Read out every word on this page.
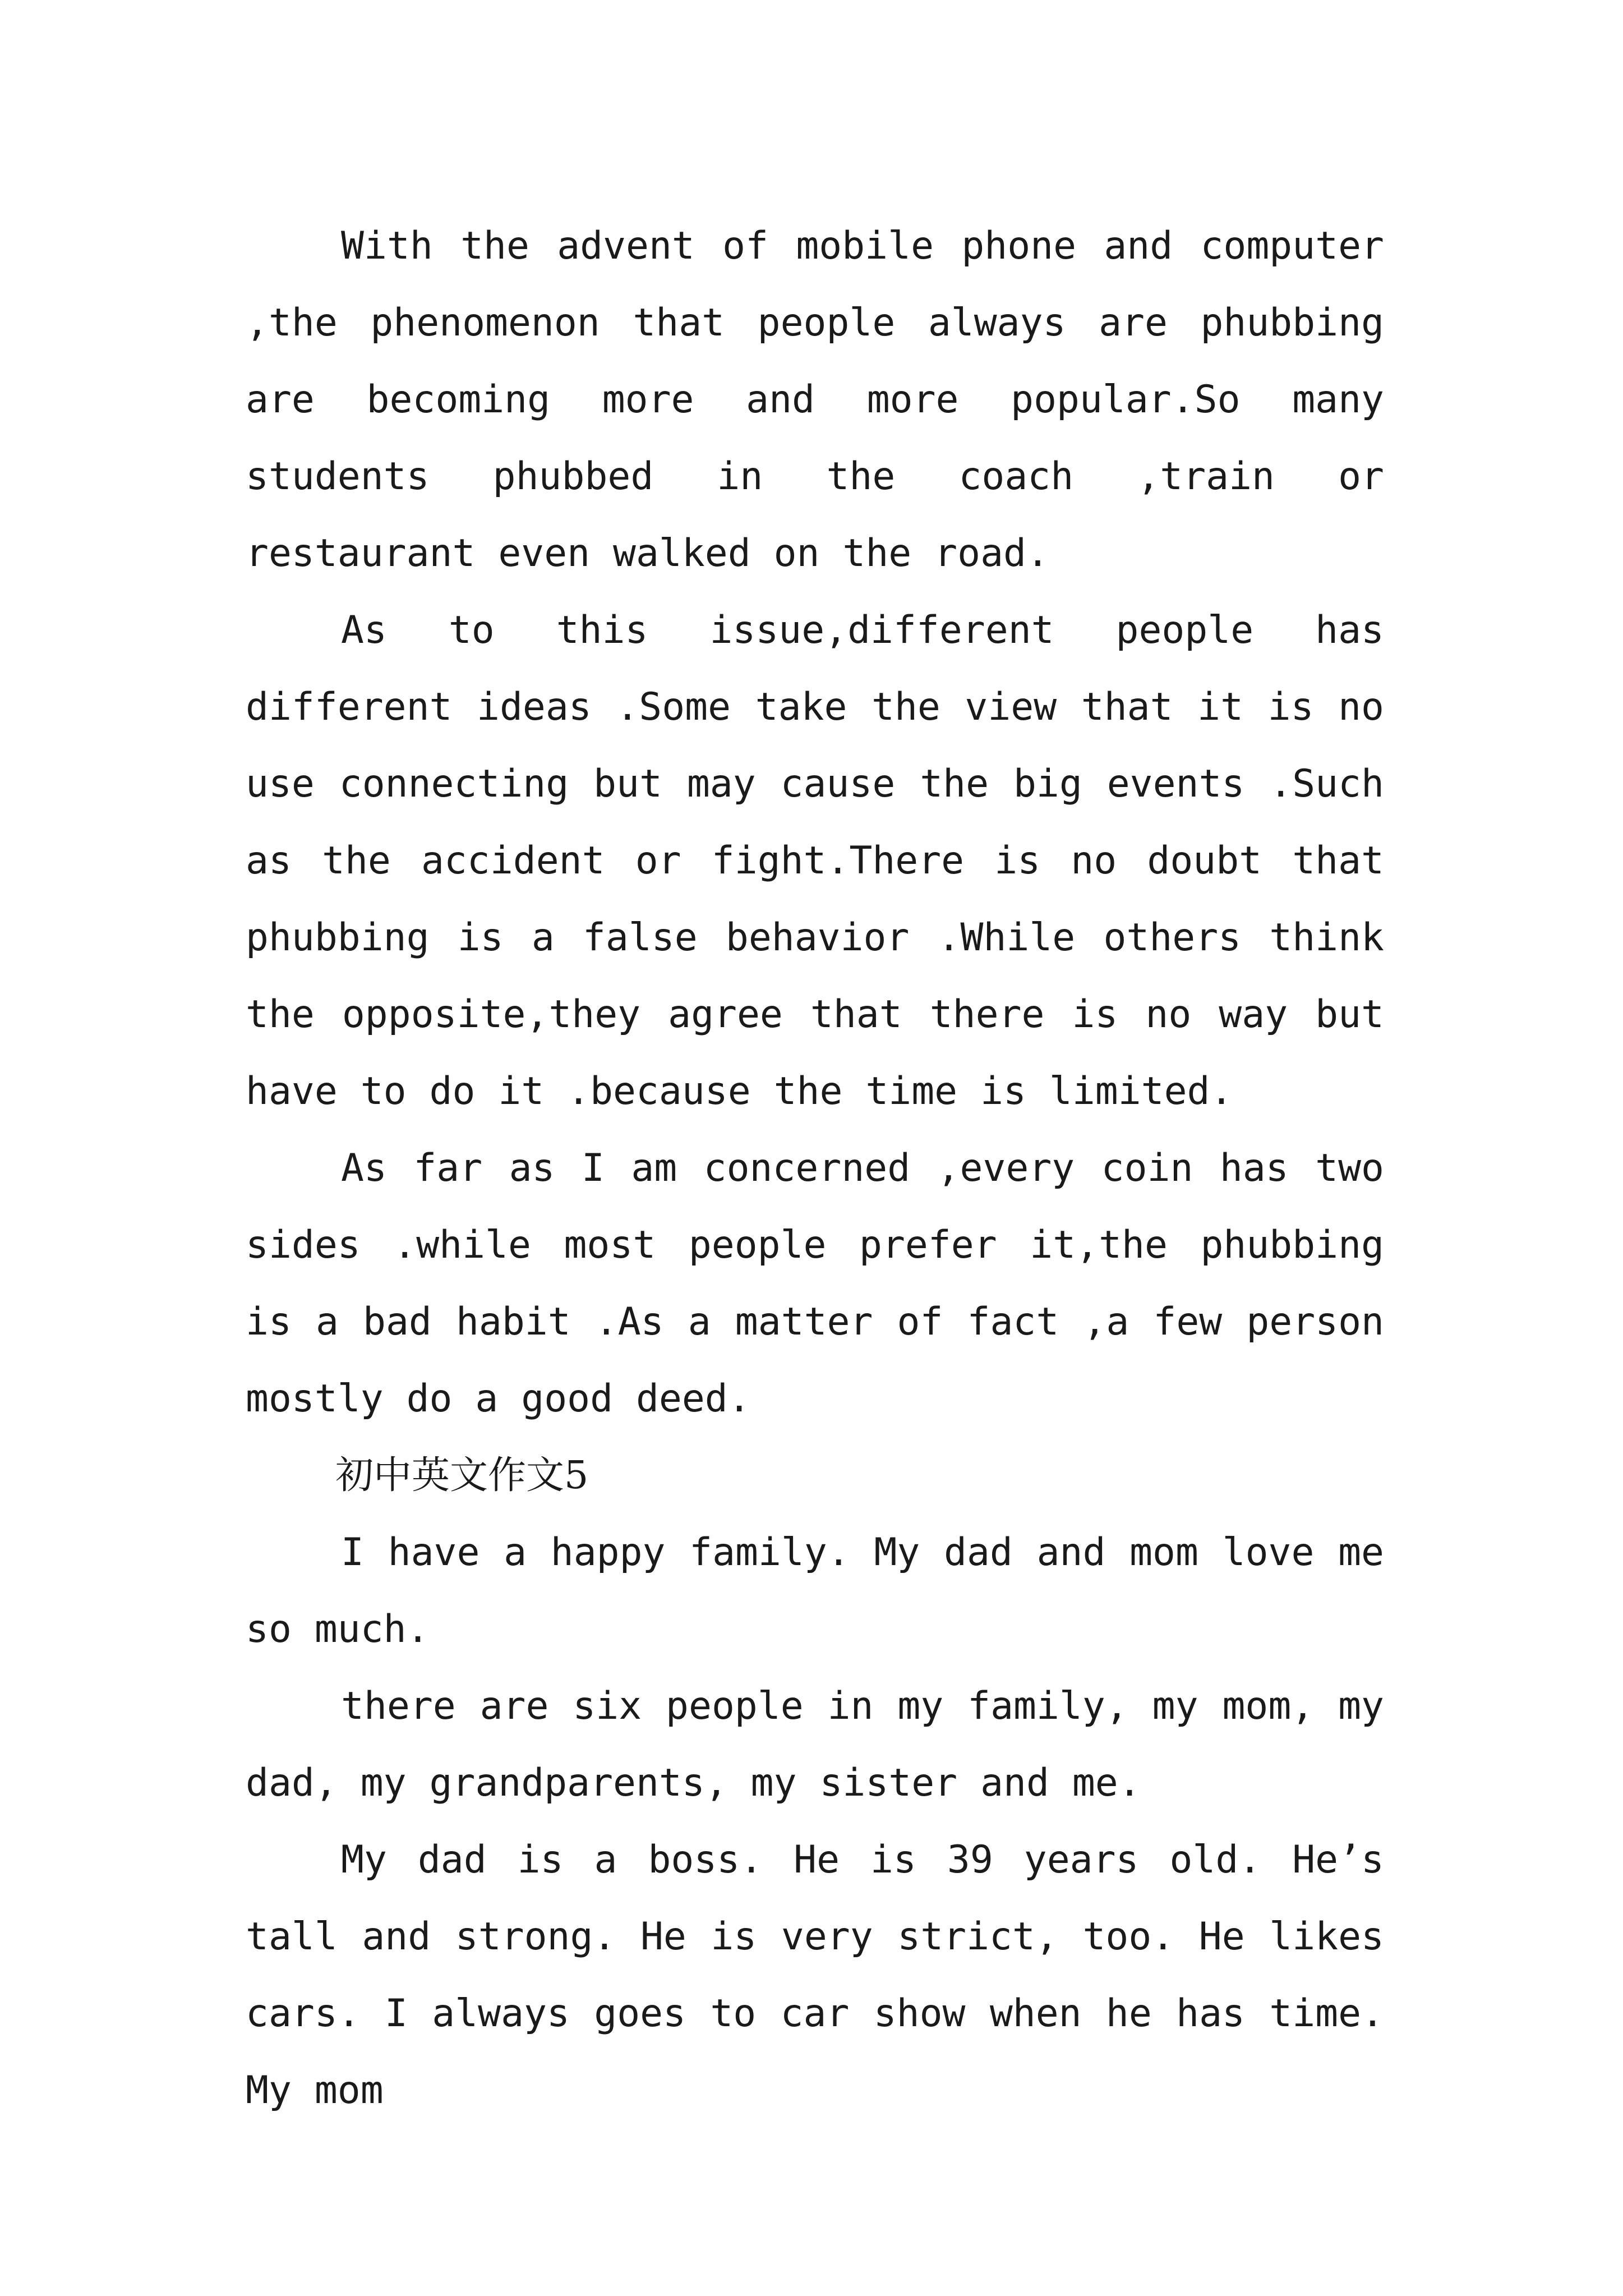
With the advent of mobile phone and computer ,the phenomenon that people always are phubbing are becoming more and more popular.So many students phubbed in the coach ,train or restaurant even walked on the road.

As to this issue,different people has different ideas .Some take the view that it is no use connecting but may cause the big events .Such as the accident or fight.There is no doubt that phubbing is a false behavior .While others think the opposite,they agree that there is no way but have to do it .because the time is limited.

As far as I am concerned ,every coin has two sides .while most people prefer it,the phubbing is a bad habit .As a matter of fact ,a few person mostly do a good deed.

初中英文作文5

I have a happy family. My dad and mom love me so much.

there are six people in my family, my mom, my dad, my grandparents, my sister and me.

My dad is a boss. He is 39 years old. He’s tall and strong. He is very strict, too. He likes cars. I always goes to car show when he has time. My mom
